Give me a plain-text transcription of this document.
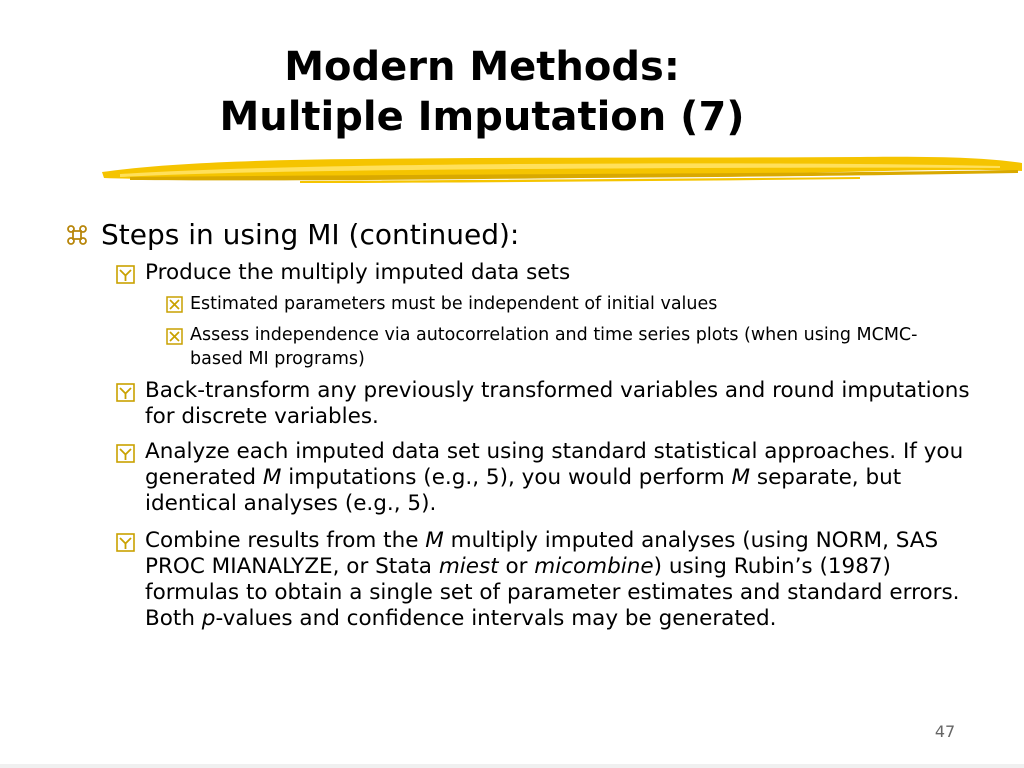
Modern Methods:
Multiple Imputation (7)
Steps in using MI (continued):
Produce the multiply imputed data sets
Estimated parameters must be independent of initial values
Assess independence via autocorrelation and time series plots (when using MCMC-based MI programs)
Back-transform any previously transformed variables and round imputations for discrete variables.
Analyze each imputed data set using standard statistical approaches. If you generated M imputations (e.g., 5), you would perform M separate, but identical analyses (e.g., 5).
Combine results from the M multiply imputed analyses (using NORM, SAS PROC MIANALYZE, or Stata miest or micombine) using Rubin’s (1987) formulas to obtain a single set of parameter estimates and standard errors. Both p-values and confidence intervals may be generated.
47
